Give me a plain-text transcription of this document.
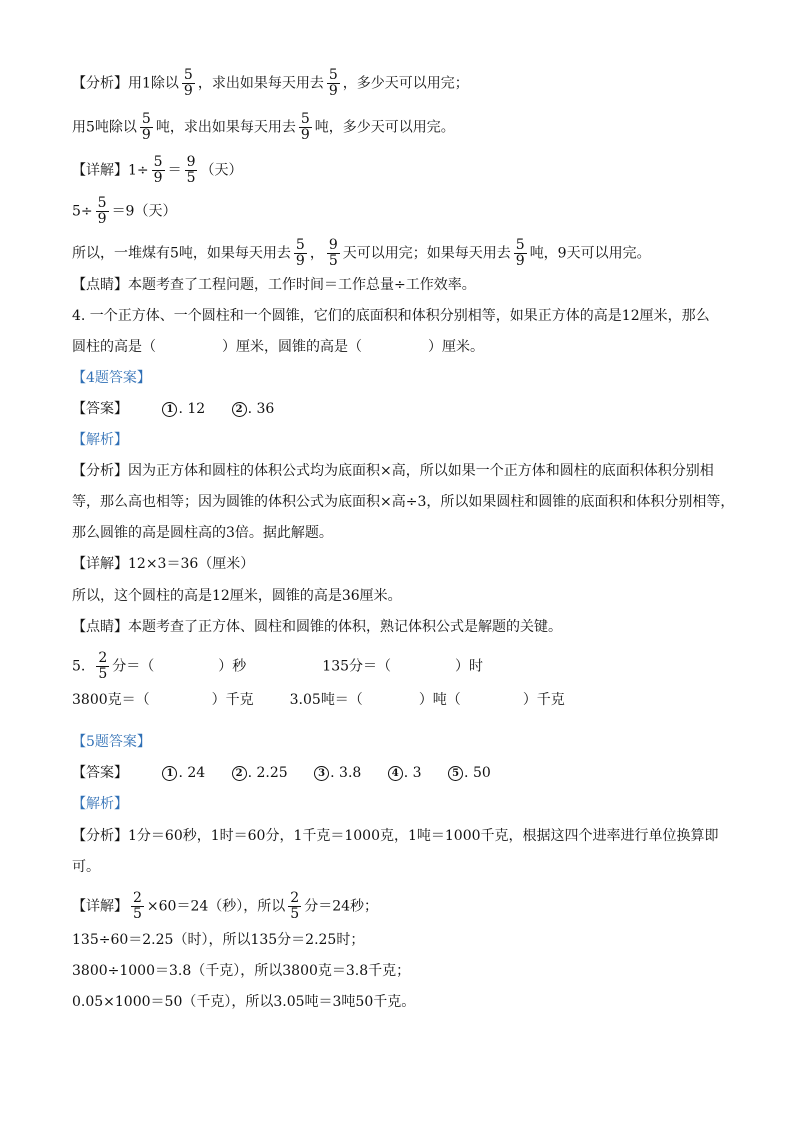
【分析】用1除以 $\frac{5}{9}$ ，求出如果每天用去 $\frac{5}{9}$ ，多少天可以用完；
用5吨除以 $\frac{5}{9}$ 吨，求出如果每天用去 $\frac{5}{9}$ 吨，多少天可以用完。
【详解】$1\div \frac{5}{9} = \frac{9}{5}$ （天）
$5\div \frac{5}{9} =9$（天）
所以，一堆煤有5吨，如果每天用去 $\frac{5}{9}$ ， $\frac{9}{5}$ 天可以用完；如果每天用去 $\frac{5}{9}$ 吨，9天可以用完。
【点睛】本题考查了工程问题，工作时间＝工作总量÷工作效率。
4. 一个正方体、一个圆柱和一个圆锥，它们的底面积和体积分别相等，如果正方体的高是12厘米，那么
圆柱的高是（	）厘米，圆锥的高是（	）厘米。
【4题答案】
【答案】	1 . 12	2 . 36
【解析】
【分析】因为正方体和圆柱的体积公式均为底面积×高，所以如果一个正方体和圆柱的底面积体积分别相
等，那么高也相等；因为圆锥的体积公式为底面积×高÷3，所以如果圆柱和圆锥的底面积和体积分别相等，
那么圆锥的高是圆柱高的3倍。据此解题。
【详解】12×3＝36（厘米）
所以，这个圆柱的高是12厘米，圆锥的高是36厘米。
【点睛】本题考查了正方体、圆柱和圆锥的体积，熟记体积公式是解题的关键。
5. $\frac{2}{5}$ 分＝（	）秒	135分＝（	）时
3800克＝（	）千克	3.05吨＝（	）吨（	）千克
【5题答案】
【答案】	1 . 24	2 . 2.25	3 . 3.8	4 . 3	5 . 50
【解析】
【分析】1分＝60秒，1时＝60分，1千克＝1000克，1吨＝1000千克，根据这四个进率进行单位换算即
可。
【详解】 $\frac{2}{5} \times 60=24$（秒），所以 $\frac{2}{5}$ 分＝24秒；
135÷60＝2.25（时），所以135分＝2.25时；
3800÷1000＝3.8（千克），所以3800克＝3.8千克；
0.05×1000＝50（千克），所以3.05吨＝3吨50千克。
